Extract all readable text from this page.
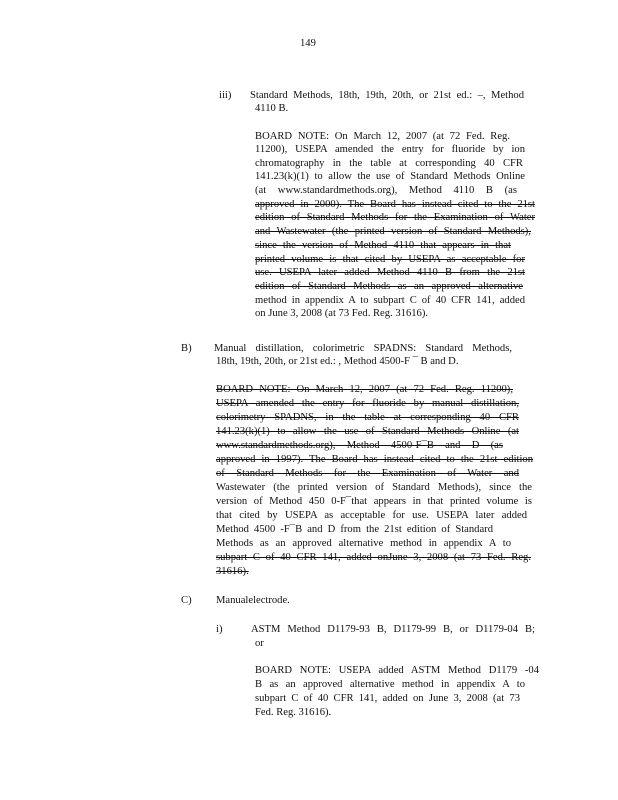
149
iii) Standard Methods, 18th, 19th, 20th, or 21st ed.: –, Method
4110 B.
BOARD NOTE: On March 12, 2007 (at 72 Fed. Reg.
11200), USEPA amended the entry for fluoride by ion
chromatography in the table at corresponding 40 CFR
141.23(k)(1) to allow the use of Standard Methods Online
(at www.standardmethods.org), Method 4110 B (as
approved in 2000). The Board has instead cited to the 21st
edition of Standard Methods for the Examination of Water
and Wastewater (the printed version of Standard Methods),
since the version of Method 4110 that appears in that
printed volume is that cited by USEPA as acceptable for
use. USEPA later added Method 4110 B from the 21st
edition of Standard Methods as an approved alternative
method in appendix A to subpart C of 40 CFR 141, added
on June 3, 2008 (at 73 Fed. Reg. 31616).
B) Manual distillation, colorimetric SPADNS: Standard Methods,
18th, 19th, 20th, or 21st ed.: , Method 4500-F ¯ B and D.
BOARD NOTE: On March 12, 2007 (at 72 Fed. Reg. 11200),
USEPA amended the entry for fluoride by manual distillation,
colorimetry SPADNS, in the table at corresponding 40 CFR
141.23(k)(1) to allow the use of Standard Methods Online (at
www.standardmethods.org), Method 4500-F¯B and D (as
approved in 1997). The Board has instead cited to the 21st edition
of Standard Methods for the Examination of Water and
Wastewater (the printed version of Standard Methods), since the
version of Method 450 0-F¯that appears in that printed volume is
that cited by USEPA as acceptable for use. USEPA later added
Method 4500 -F¯B and D from the 21st edition of Standard
Methods as an approved alternative method in appendix A to
subpart C of 40 CFR 141, added onJune 3, 2008 (at 73 Fed. Reg.
31616).
C) Manualelectrode.
i)	ASTM Method D1179-93 B, D1179-99 B, or D1179-04 B;
or
BOARD NOTE: USEPA added ASTM Method D1179 -04
B as an approved alternative method in appendix A to
subpart C of 40 CFR 141, added on June 3, 2008 (at 73
Fed. Reg. 31616).
